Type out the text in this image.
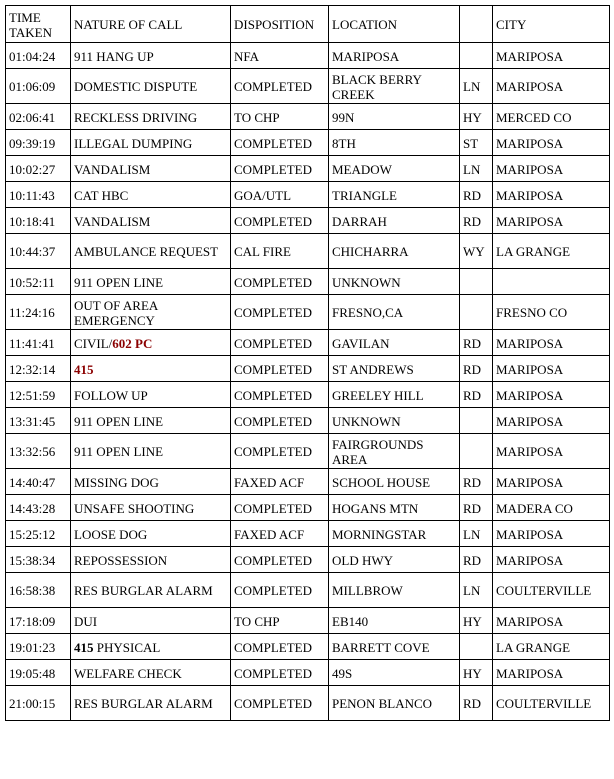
TIME TAKEN	NATURE OF CALL	DISPOSITION	LOCATION		CITY
01:04:24	911 HANG UP	NFA	MARIPOSA		MARIPOSA
01:06:09	DOMESTIC DISPUTE	COMPLETED	BLACK BERRY CREEK	LN	MARIPOSA
02:06:41	RECKLESS DRIVING	TO CHP	99N	HY	MERCED CO
09:39:19	ILLEGAL DUMPING	COMPLETED	8TH	ST	MARIPOSA
10:02:27	VANDALISM	COMPLETED	MEADOW	LN	MARIPOSA
10:11:43	CAT HBC	GOA/UTL	TRIANGLE	RD	MARIPOSA
10:18:41	VANDALISM	COMPLETED	DARRAH	RD	MARIPOSA
10:44:37	AMBULANCE REQUEST	CAL FIRE	CHICHARRA	WY	LA GRANGE
10:52:11	911 OPEN LINE	COMPLETED	UNKNOWN		
11:24:16	OUT OF AREA EMERGENCY	COMPLETED	FRESNO,CA		FRESNO CO
11:41:41	CIVIL/602 PC	COMPLETED	GAVILAN	RD	MARIPOSA
12:32:14	415	COMPLETED	ST ANDREWS	RD	MARIPOSA
12:51:59	FOLLOW UP	COMPLETED	GREELEY HILL	RD	MARIPOSA
13:31:45	911 OPEN LINE	COMPLETED	UNKNOWN		MARIPOSA
13:32:56	911 OPEN LINE	COMPLETED	FAIRGROUNDS AREA		MARIPOSA
14:40:47	MISSING DOG	FAXED ACF	SCHOOL HOUSE	RD	MARIPOSA
14:43:28	UNSAFE SHOOTING	COMPLETED	HOGANS MTN	RD	MADERA CO
15:25:12	LOOSE DOG	FAXED ACF	MORNINGSTAR	LN	MARIPOSA
15:38:34	REPOSSESSION	COMPLETED	OLD HWY	RD	MARIPOSA
16:58:38	RES BURGLAR ALARM	COMPLETED	MILLBROW	LN	COULTERVILLE
17:18:09	DUI	TO CHP	EB140	HY	MARIPOSA
19:01:23	415 PHYSICAL	COMPLETED	BARRETT COVE		LA GRANGE
19:05:48	WELFARE CHECK	COMPLETED	49S	HY	MARIPOSA
21:00:15	RES BURGLAR ALARM	COMPLETED	PENON BLANCO	RD	COULTERVILLE
